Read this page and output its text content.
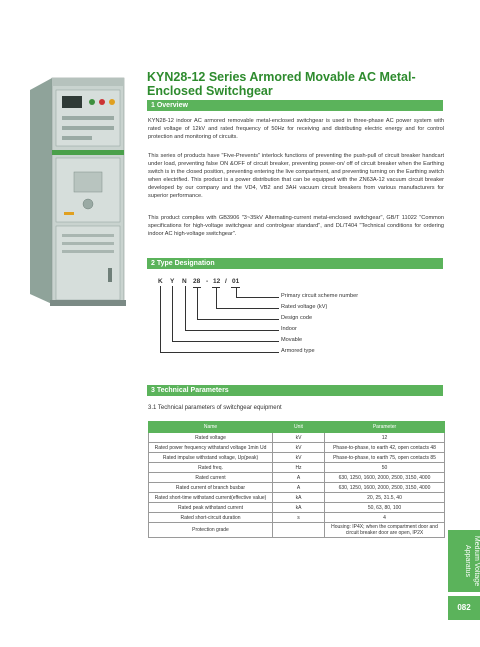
KYN28-12 Series Armored Movable AC Metal-Enclosed Switchgear
1 Overview
KYN28-12 indoor AC armored removable metal-enclosed switchgear is used in three-phase AC power system with rated voltage of 12kV and rated frequency of 50Hz for receiving and distributing electric energy and for control protection and monitoring of circuits.
This series of products have "Five-Prevents" interlock functions of preventing the push-pull of circuit breaker handcart under load, preventing false ON &OFF of circuit breaker, preventing power-on/ off of circuit breaker when the Earthing switch is in the closed position, preventing entering the live compartment, and preventing turning on the Earthing switch when electrified. This product is a power distribution that can be equipped with the ZN63A-12 vacuum circuit breaker developed by our company and the VD4, VB2 and 3AH vacuum circuit breakers from various manufacturers for superior performance.
This product complies with GB3906 "3~35kV Alternating-current metal-enclosed switchgear", GB/T 11022 "Common specifications for high-voltage switchgear and controlgear standard", and DL/T404 "Technical conditions for ordering indoor AC high-voltage switchgear".
2 Type Designation
K Y N 28 - 12 / 01
Primary circuit scheme number
Rated voltage (kV)
Design code
Indoor
Movable
Armored type
3 Technical Parameters
3.1 Technical parameters of switchgear equipment
Name	Unit	Parameter
Rated voltage	kV	12
Rated power frequency withstand voltage 1min Ud	kV	Phase-to-phase, to earth 42, open contacts 48
Rated impulse withstand voltage, Up(peak)	kV	Phase-to-phase, to earth 75, open contacts 85
Rated freq.	Hz	50
Rated current	A	630, 1250, 1600, 2000, 2500, 3150, 4000
Rated current of branch busbar	A	630, 1250, 1600, 2000, 2500, 3150, 4000
Rated short-time withstand current(effective value)	kA	20, 25, 31.5, 40
Rated peak withstand current	kA	50, 63, 80, 100
Rated short-circuit duration	s	4
Protection grade		Housing: IP4X; when the compartment door and circuit breaker door are open, IP2X
Medium Voltage Apparatus
082
